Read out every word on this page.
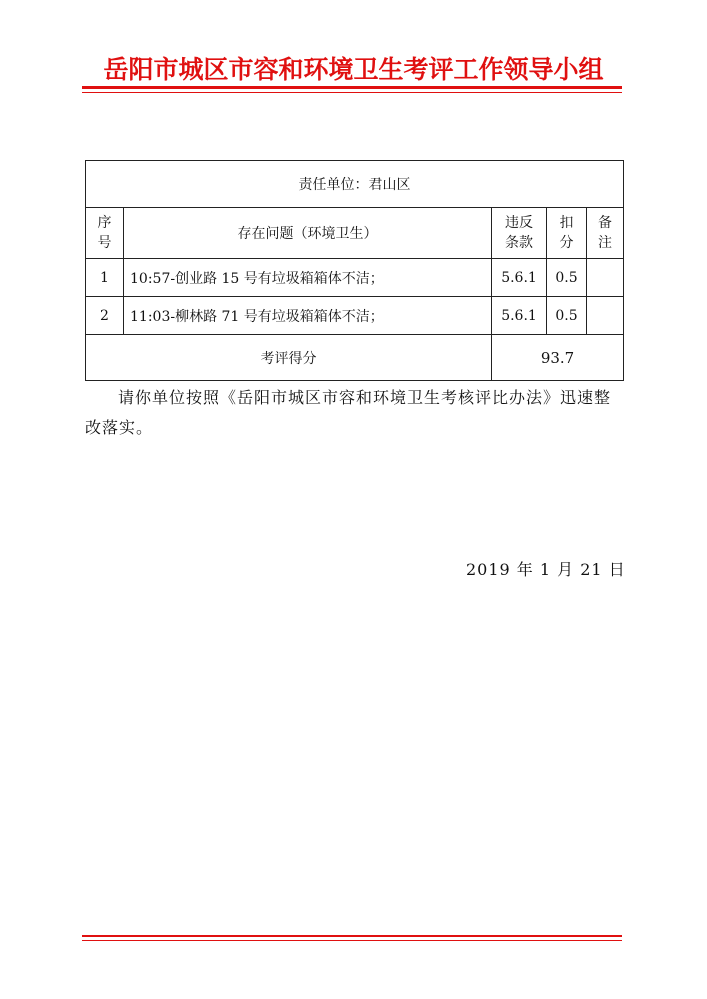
岳阳市城区市容和环境卫生考评工作领导小组
责任单位：君山区				

序号	存在问题（环境卫生）	违反条款	扣分	备注

1	10:57-创业路 15 号有垃圾箱箱体不洁；	5.6.1	0.5	
2	11:03-柳林路 71 号有垃圾箱箱体不洁；	5.6.1	0.5	
考评得分		93.7		
请你单位按照《岳阳市城区市容和环境卫生考核评比办法》迅速整改落实。
2019 年 1 月 21 日
